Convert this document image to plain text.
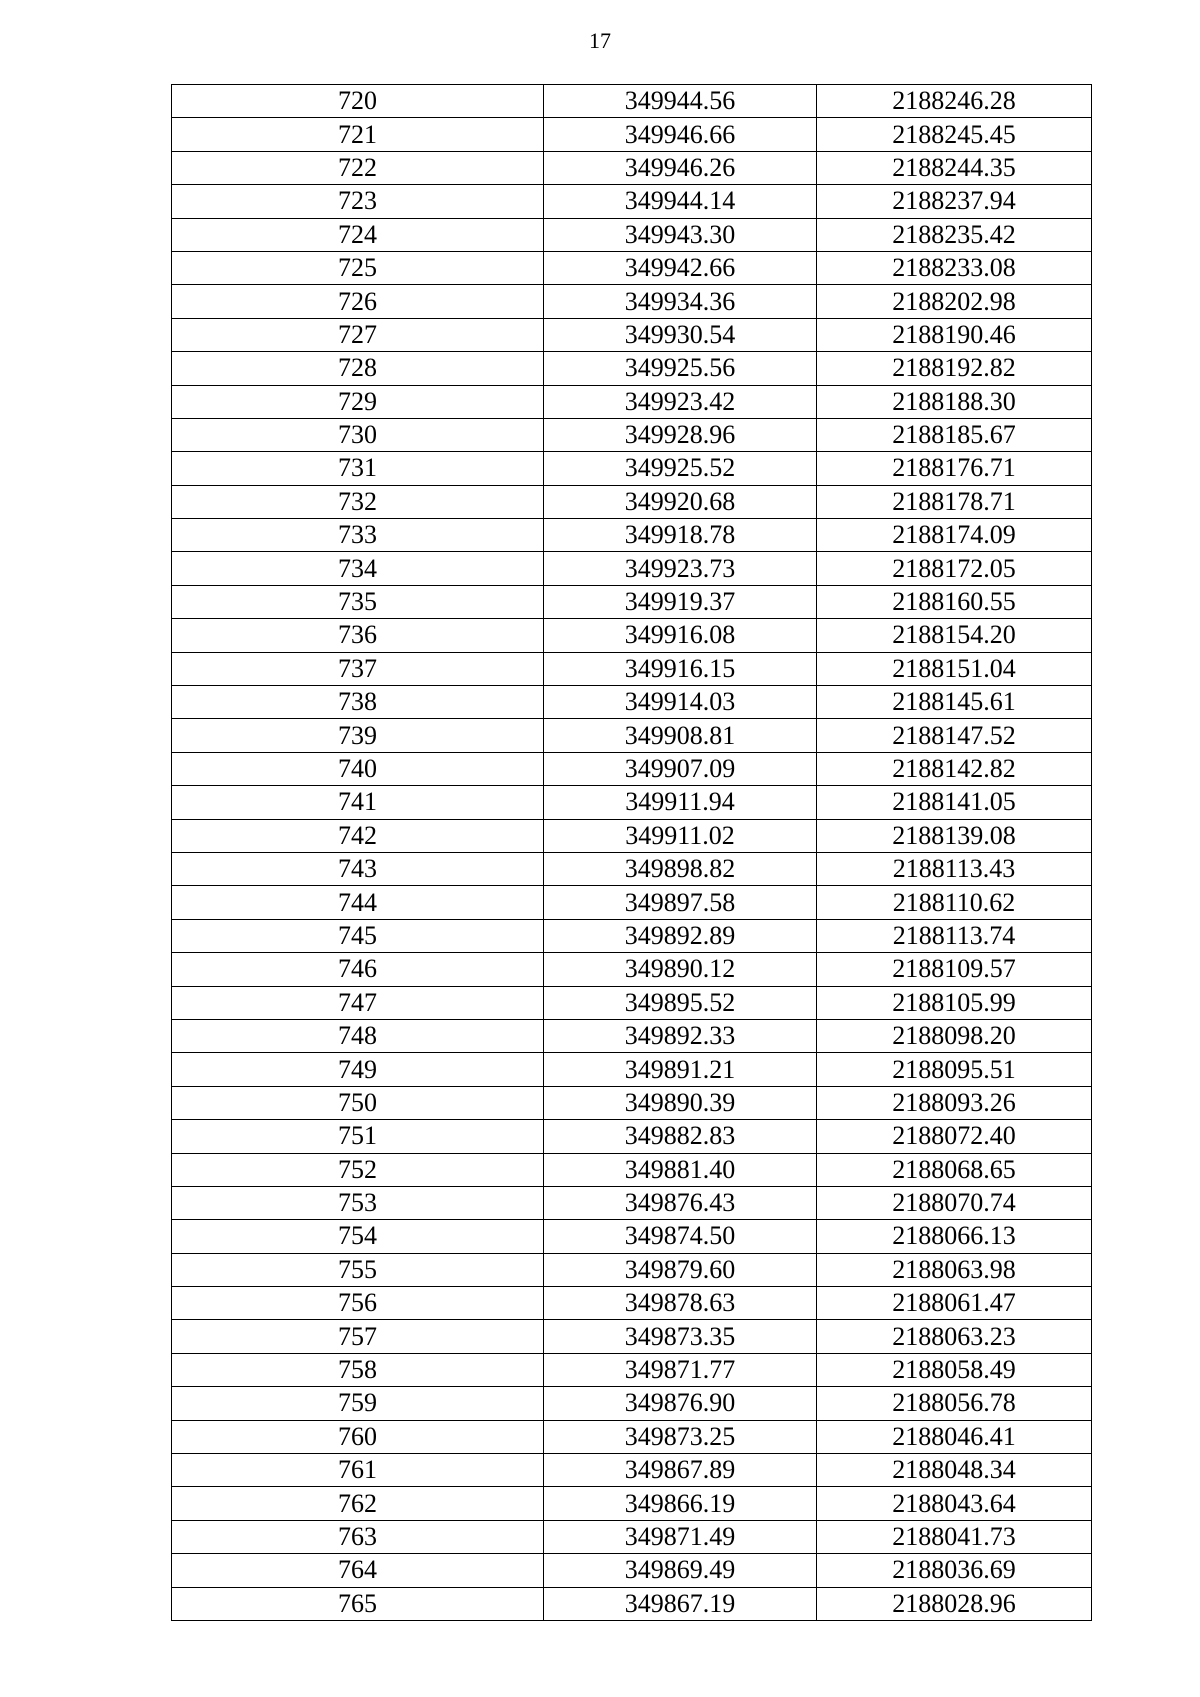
17
720	349944.56	2188246.28
721	349946.66	2188245.45
722	349946.26	2188244.35
723	349944.14	2188237.94
724	349943.30	2188235.42
725	349942.66	2188233.08
726	349934.36	2188202.98
727	349930.54	2188190.46
728	349925.56	2188192.82
729	349923.42	2188188.30
730	349928.96	2188185.67
731	349925.52	2188176.71
732	349920.68	2188178.71
733	349918.78	2188174.09
734	349923.73	2188172.05
735	349919.37	2188160.55
736	349916.08	2188154.20
737	349916.15	2188151.04
738	349914.03	2188145.61
739	349908.81	2188147.52
740	349907.09	2188142.82
741	349911.94	2188141.05
742	349911.02	2188139.08
743	349898.82	2188113.43
744	349897.58	2188110.62
745	349892.89	2188113.74
746	349890.12	2188109.57
747	349895.52	2188105.99
748	349892.33	2188098.20
749	349891.21	2188095.51
750	349890.39	2188093.26
751	349882.83	2188072.40
752	349881.40	2188068.65
753	349876.43	2188070.74
754	349874.50	2188066.13
755	349879.60	2188063.98
756	349878.63	2188061.47
757	349873.35	2188063.23
758	349871.77	2188058.49
759	349876.90	2188056.78
760	349873.25	2188046.41
761	349867.89	2188048.34
762	349866.19	2188043.64
763	349871.49	2188041.73
764	349869.49	2188036.69
765	349867.19	2188028.96
